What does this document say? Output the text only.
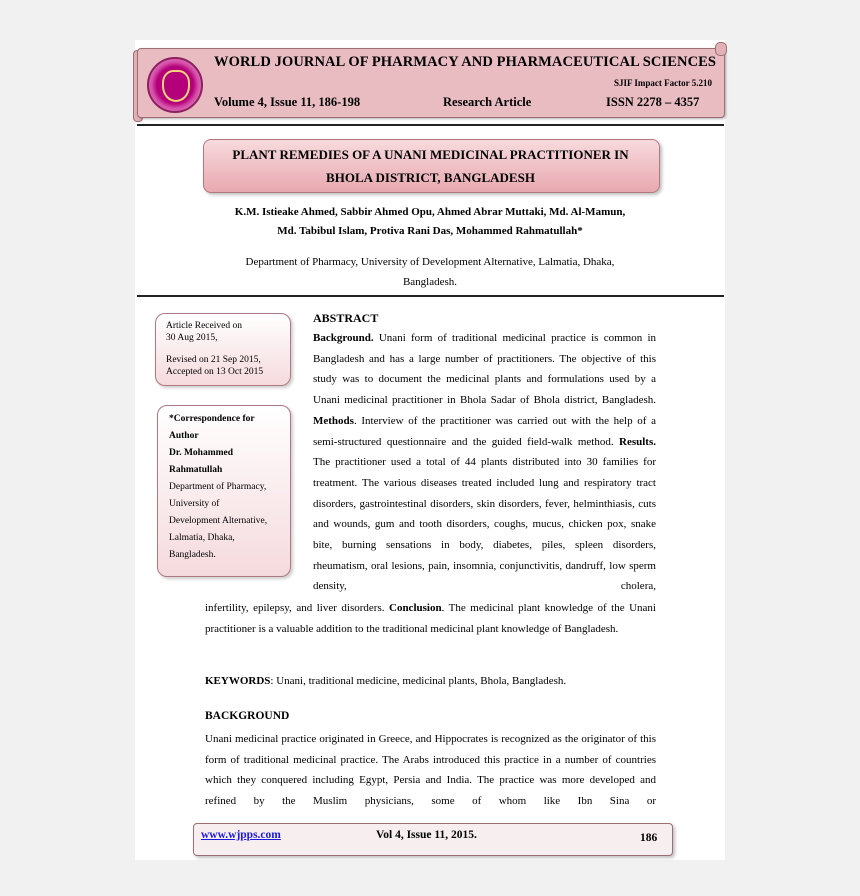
WORLD JOURNAL OF PHARMACY AND PHARMACEUTICAL SCIENCES
SJIF Impact Factor 5.210
Volume 4, Issue 11, 186-198	Research Article	ISSN 2278 – 4357
PLANT REMEDIES OF A UNANI MEDICINAL PRACTITIONER IN
BHOLA DISTRICT, BANGLADESH
K.M. Istieake Ahmed, Sabbir Ahmed Opu, Ahmed Abrar Muttaki, Md. Al-Mamun,
Md. Tabibul Islam, Protiva Rani Das, Mohammed Rahmatullah*
Department of Pharmacy, University of Development Alternative, Lalmatia, Dhaka,
Bangladesh.
Article Received on
30 Aug 2015,
Revised on 21 Sep 2015,
Accepted on 13 Oct 2015
*Correspondence for
Author
Dr. Mohammed
Rahmatullah
Department of Pharmacy,
University of
Development Alternative,
Lalmatia, Dhaka,
Bangladesh.
ABSTRACT

Background. Unani form of traditional medicinal practice is common in Bangladesh and has a large number of practitioners. The objective of this study was to document the medicinal plants and formulations used by a Unani medicinal practitioner in Bhola Sadar of Bhola district, Bangladesh. Methods. Interview of the practitioner was carried out with the help of a semi-structured questionnaire and the guided field-walk method. Results. The practitioner used a total of 44 plants distributed into 30 families for treatment. The various diseases treated included lung and respiratory tract disorders, gastrointestinal disorders, skin disorders, fever, helminthiasis, cuts and wounds, gum and tooth disorders, coughs, mucus, chicken pox, snake bite, burning sensations in body, diabetes, piles, spleen disorders, rheumatism, oral lesions, pain, insomnia, conjunctivitis, dandruff, low sperm density, cholera,

infertility, epilepsy, and liver disorders. Conclusion. The medicinal plant knowledge of the Unani practitioner is a valuable addition to the traditional medicinal plant knowledge of Bangladesh.
KEYWORDS: Unani, traditional medicine, medicinal plants, Bhola, Bangladesh.
BACKGROUND
Unani medicinal practice originated in Greece, and Hippocrates is recognized as the originator of this form of traditional medicinal practice. The Arabs introduced this practice in a number of countries which they conquered including Egypt, Persia and India. The practice was more developed and refined by the Muslim physicians, some of whom like Ibn Sina or
www.wjpps.com	Vol 4, Issue 11, 2015.	186
